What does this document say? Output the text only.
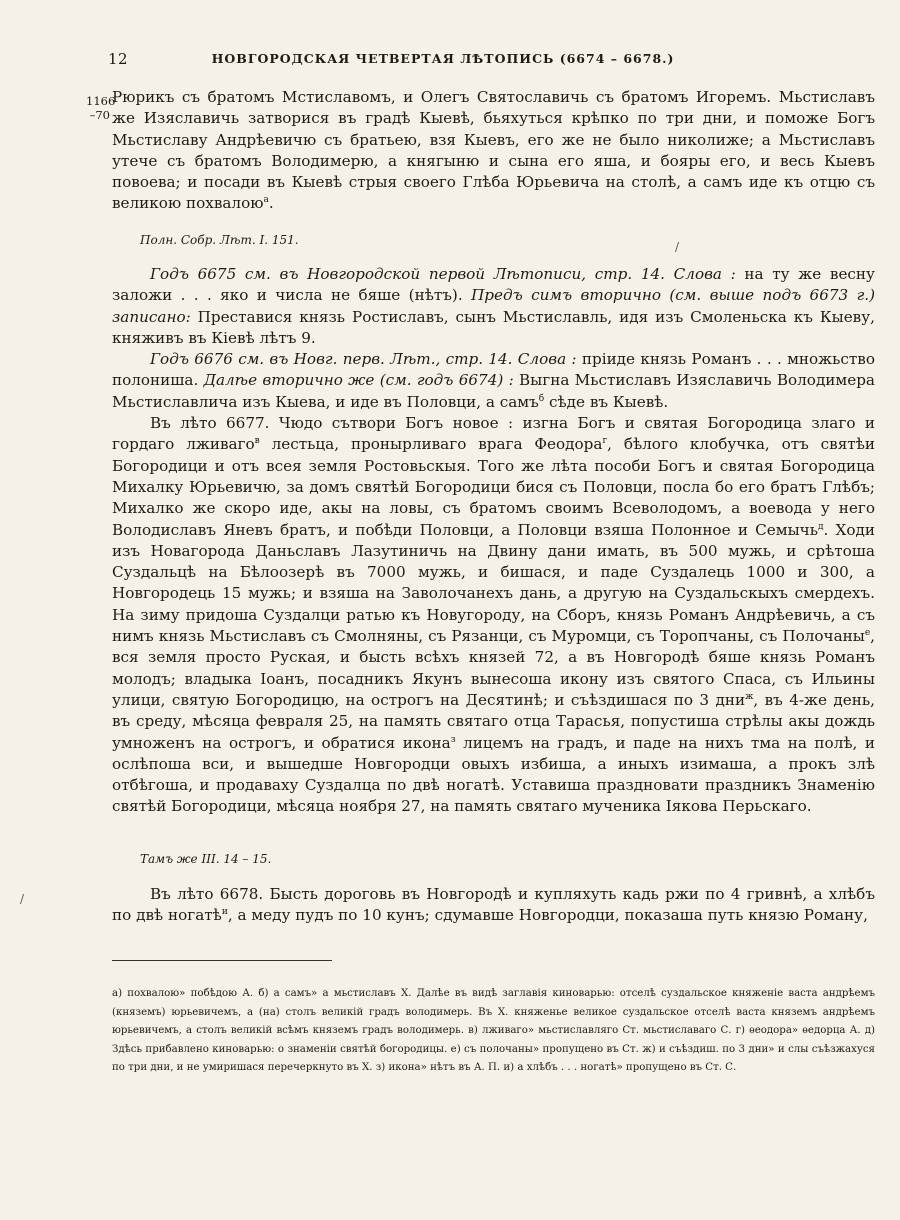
12	НОВГОРОДСКАЯ ЧЕТВЕРТАЯ ЛѢТОПИСЬ (6674 – 6678.)
1166
–70
/
/

Рюрикъ съ братомъ Мстиславомъ, и Олегъ Святославичь съ братомъ Игоремъ. Мьстиславъ же Изяславичь затворися въ градѣ Кыевѣ, бьяхуться крѣпко по три дни, и поможе Богъ Мьстиславу Андрѣевичю съ братьею, взя Кыевъ, его же не было николиже; а Мьстиславъ утече съ братомъ Володимерю, а княгыню и сына его яша, и бояры его, и весь Кыевъ повоева; и посади въ Кыевѣ стрыя своего Глѣба Юрьевича на столѣ, а самъ иде къ отцю съ великою похвалою$^а$.

Полн. Собр. Лѣт. I. 151.

Годъ 6675 см. въ Новгородской первой Лѣтописи, стр. 14. Слова : на ту же весну заложи . . . яко и числа не бяше (нѣтъ). Предъ симъ вторично (см. выше подъ 6673 г.) записано: Преставися князь Ростиславъ, сынъ Мьстиславль, идя изъ Смоленьска къ Кыеву, княживъ въ Кіевѣ лѣтъ 9.

Годъ 6676 см. въ Новг. перв. Лѣт., стр. 14. Слова : прiиде князь Романъ . . . множьство полониша. Далѣе вторично же (см. годъ 6674) : Выгна Мьстиславъ Изяславичь Володимера Мьстиславлича изъ Кыева, и иде въ Половци, а самъ$^б$ сѣде въ Кыевѣ.

Въ лѣто 6677. Чюдо сътвори Богъ новое : изгна Богъ и святая Богородица злаго и гордаго лживаго$^в$ лестьца, пронырливаго врага Феодора$^г$, бѣлого клобучка, отъ святѣи Богородици и отъ всея земля Ростовьскыя. Того же лѣта пособи Богъ и святая Богородица Михалку Юрьевичю, за домъ святѣй Богородици бися съ Половци, посла бо его братъ Глѣбъ; Михалко же скоро иде, акы на ловы, съ братомъ своимъ Всеволодомъ, а воевода у него Володиславъ Яневъ братъ, и побѣди Половци, а Половци взяша Полонное и Семычь$^д$. Ходи изъ Новагорода Даньславъ Лазутиничь на Двину дани имать, въ 500 мужь, и срѣтоша Суздальцѣ на Бѣлоозерѣ въ 7000 мужь, и бишася, и паде Суздалець 1000 и 300, а Новгородець 15 мужь; и взяша на Заволочанехъ дань, а другую на Суздальскыхъ смердехъ. На зиму придоша Суздалци ратью къ Новугороду, на Сборъ, князь Романъ Андрѣевичь, а съ нимъ князь Мьстиславъ съ Смолняны, съ Рязанци, съ Муромци, съ Торопчаны, съ Полочаны$^е$, вся земля просто Руская, и бысть всѣхъ князей 72, а въ Новгородѣ бяше князь Романъ молодъ; владыка Іоанъ, посадникъ Якунъ вынесоша икону изъ святого Спаса, съ Ильины улици, святую Богородицю, на острогъ на Десятинѣ; и съѣздишася по 3 дни$^ж$, въ 4-же день, въ среду, мѣсяца февраля 25, на память святаго отца Тарасья, попустиша стрѣлы акы дождь умноженъ на острогъ, и обратися икона$^з$ лицемъ на градъ, и паде на нихъ тма на полѣ, и ослѣпоша вси, и вышедше Новгородци овыхъ избиша, а иныхъ изимаша, а прокъ злѣ отбѣгоша, и продаваху Суздалца по двѣ ногатѣ. Уставиша праздновати праздникъ Знаменiю святѣй Богородици, мѣсяца ноября 27, на память святаго мученика Іякова Перьскаго.

Тамъ же III. 14 – 15.

Въ лѣто 6678. Бысть дороговь въ Новгородѣ и купляхуть кадь ржи по 4 гривнѣ, а хлѣбъ по двѣ ногатѣ$^и$, а меду пудъ по 10 кунъ; сдумавше Новгородци, показаша путь князю Роману,

а) похвалою» побѣдою А. б) а самъ» а мьстиславъ Х. Далѣе въ видѣ заглавія киноварью: отселѣ суздальское княженiе васта андрѣемъ (княземъ) юрьевичемъ, а (на) столъ великiй градъ володимерь. Въ Х. княженье великое суздальское отселѣ васта княземъ андрѣемъ юрьевичемъ, а столъ великiй всѣмъ княземъ градъ володимерь. в) лживаго» мьстиславляго Ст. мьстиславаго С. г) ѳеодора» ѳедорца А. д) Здѣсь прибавлено киноварью: о знаменiи святѣй богородицы. е) съ полочаны» пропущено въ Ст. ж) и съѣздиш. по 3 дни» и слы съѣзжахуся по три дни, и не умиришася перечеркнуто въ Х. з) икона» нѣтъ въ А. П. и) а хлѣбъ . . . ногатѣ» пропущено въ Ст. С.
